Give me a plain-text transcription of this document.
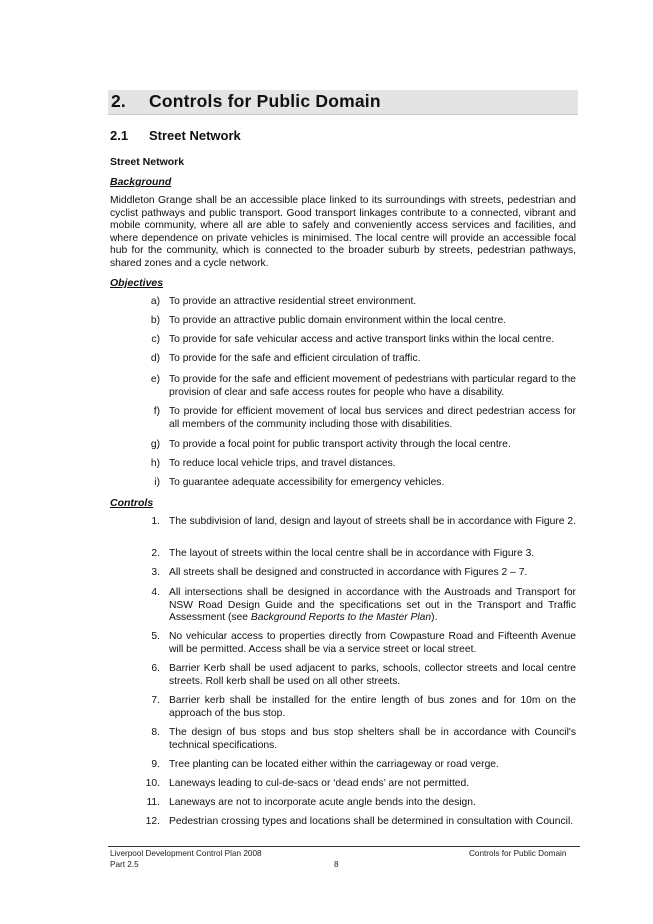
2. Controls for Public Domain
2.1 Street Network
Street Network
Background

Middleton Grange shall be an accessible place linked to its surroundings with streets, pedestrian and cyclist pathways and public transport. Good transport linkages contribute to a connected, vibrant and mobile community, where all are able to safely and conveniently access services and facilities, and where dependence on private vehicles is minimised. The local centre will provide an accessible focal hub for the community, which is connected to the broader suburb by streets, pedestrian pathways, shared zones and a cycle network.

Objectives
a) To provide an attractive residential street environment.
b) To provide an attractive public domain environment within the local centre.
c) To provide for safe vehicular access and active transport links within the local centre.
d) To provide for the safe and efficient circulation of traffic.
e) To provide for the safe and efficient movement of pedestrians with particular regard to the provision of clear and safe access routes for people who have a disability.
f) To provide for efficient movement of local bus services and direct pedestrian access for all members of the community including those with disabilities.
g) To provide a focal point for public transport activity through the local centre.
h) To reduce local vehicle trips, and travel distances.
i) To guarantee adequate accessibility for emergency vehicles.
Controls
1. The subdivision of land, design and layout of streets shall be in accordance with Figure 2.
2. The layout of streets within the local centre shall be in accordance with Figure 3.
3. All streets shall be designed and constructed in accordance with Figures 2 – 7.
4. All intersections shall be designed in accordance with the Austroads and Transport for NSW Road Design Guide and the specifications set out in the Transport and Traffic Assessment (see Background Reports to the Master Plan).
5. No vehicular access to properties directly from Cowpasture Road and Fifteenth Avenue will be permitted. Access shall be via a service street or local street.
6. Barrier Kerb shall be used adjacent to parks, schools, collector streets and local centre streets. Roll kerb shall be used on all other streets.
7. Barrier kerb shall be installed for the entire length of bus zones and for 10m on the approach of the bus stop.
8. The design of bus stops and bus stop shelters shall be in accordance with Council's technical specifications.
9. Tree planting can be located either within the carriageway or road verge.
10. Laneways leading to cul-de-sacs or ‘dead ends’ are not permitted.
11. Laneways are not to incorporate acute angle bends into the design.
12. Pedestrian crossing types and locations shall be determined in consultation with Council.
Liverpool Development Control Plan 2008
Part 2.5	8
Controls for Public Domain
